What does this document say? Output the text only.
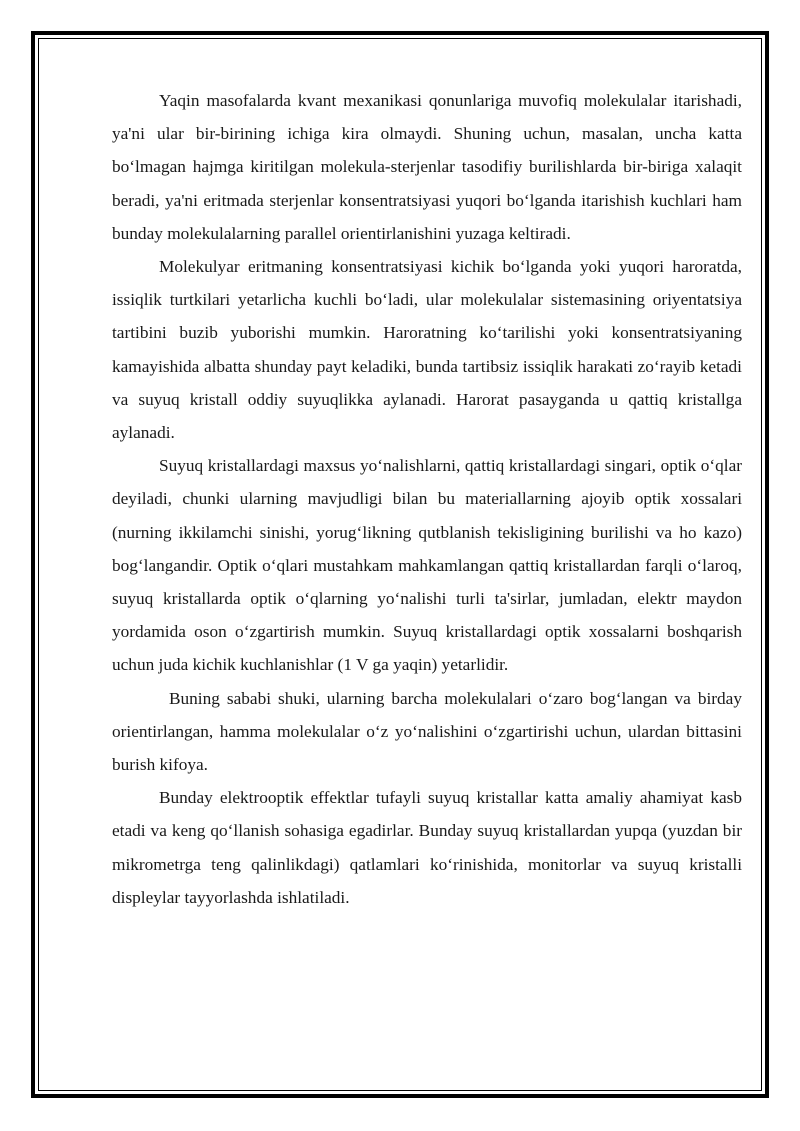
Yaqin masofalarda kvant mexanikasi qonunlariga muvofiq molekulalar itarishadi, ya'ni ular bir-birining ichiga kira olmaydi. Shuning uchun, masalan, uncha katta bo‘lmagan hajmga kiritilgan molekula-sterjenlar tasodifiy burilishlarda bir-biriga xalaqit beradi, ya'ni eritmada sterjenlar konsentratsiyasi yuqori bo‘lganda itarishish kuchlari ham bunday molekulalarning parallel orientirlanishini yuzaga keltiradi.

Molekulyar eritmaning konsentratsiyasi kichik bo‘lganda yoki yuqori haroratda, issiqlik turtkilari yetarlicha kuchli bo‘ladi, ular molekulalar sistemasining oriyentatsiya tartibini buzib yuborishi mumkin. Haroratning ko‘tarilishi yoki konsentratsiyaning kamayishida albatta shunday payt keladiki, bunda tartibsiz issiqlik harakati zo‘rayib ketadi va suyuq kristall oddiy suyuqlikka aylanadi. Harorat pasayganda u qattiq kristallga aylanadi.

Suyuq kristallardagi maxsus yo‘nalishlarni, qattiq kristallardagi singari, optik o‘qlar deyiladi, chunki ularning mavjudligi bilan bu materiallarning ajoyib optik xossalari (nurning ikkilamchi sinishi, yorug‘likning qutblanish tekisligining burilishi va ho kazo) bog‘langandir. Optik o‘qlari mustahkam mahkamlangan qattiq kristallardan farqli o‘laroq, suyuq kristallarda optik o‘qlarning yo‘nalishi turli ta'sirlar, jumladan, elektr maydon yordamida oson o‘zgartirish mumkin. Suyuq kristallardagi optik xossalarni boshqarish uchun juda kichik kuchlanishlar (1 V ga yaqin) yetarlidir.

Buning sababi shuki, ularning barcha molekulalari o‘zaro bog‘langan va birday orientirlangan, hamma molekulalar o‘z yo‘nalishini o‘zgartirishi uchun, ulardan bittasini burish kifoya.

Bunday elektrooptik effektlar tufayli suyuq kristallar katta amaliy ahamiyat kasb etadi va keng qo‘llanish sohasiga egadirlar. Bunday suyuq kristallardan yupqa (yuzdan bir mikrometrga teng qalinlikdagi) qatlamlari ko‘rinishida, monitorlar va suyuq kristalli displeylar tayyorlashda ishlatiladi.
